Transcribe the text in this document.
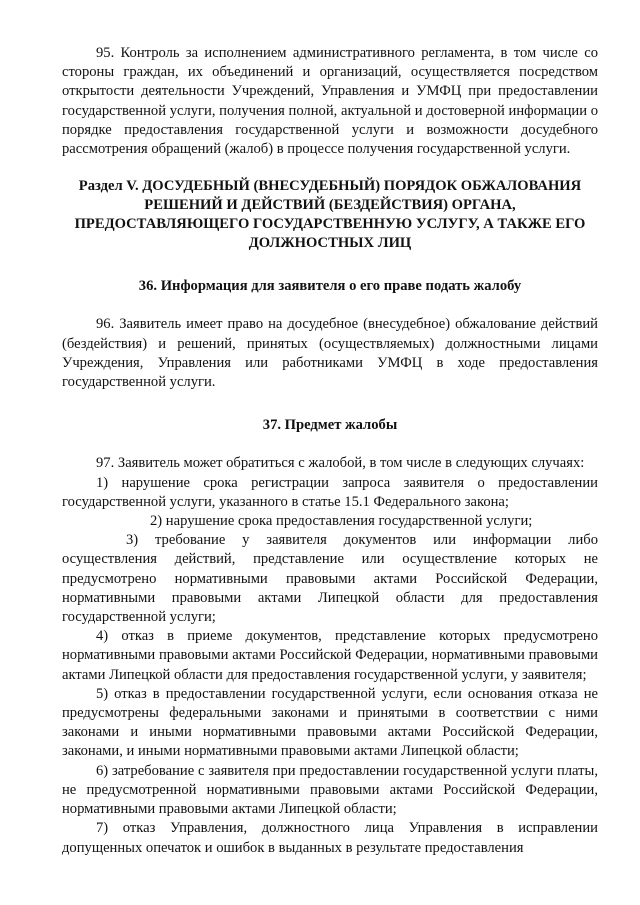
95. Контроль за исполнением административного регламента, в том числе со стороны граждан, их объединений и организаций, осуществляется посредством открытости деятельности Учреждений, Управления и УМФЦ при предоставлении государственной услуги, получения полной, актуальной и достоверной информации о порядке предоставления государственной услуги и возможности досудебного рассмотрения обращений (жалоб) в процессе получения государственной услуги.

Раздел V. ДОСУДЕБНЫЙ (ВНЕСУДЕБНЫЙ) ПОРЯДОК ОБЖАЛОВАНИЯ РЕШЕНИЙ И ДЕЙСТВИЙ (БЕЗДЕЙСТВИЯ) ОРГАНА, ПРЕДОСТАВЛЯЮЩЕГО ГОСУДАРСТВЕННУЮ УСЛУГУ, А ТАКЖЕ ЕГО ДОЛЖНОСТНЫХ ЛИЦ
36. Информация для заявителя о его праве подать жалобу

96. Заявитель имеет право на досудебное (внесудебное) обжалование действий (бездействия) и решений, принятых (осуществляемых) должностными лицами Учреждения, Управления или работниками УМФЦ в ходе предоставления государственной услуги.

37. Предмет жалобы

97. Заявитель может обратиться с жалобой, в том числе в следующих случаях:

1) нарушение срока регистрации запроса заявителя о предоставлении государственной услуги, указанного в статье 15.1 Федерального закона;

2) нарушение срока предоставления государственной услуги;

3) требование у заявителя документов или информации либо осуществления действий, представление или осуществление которых не предусмотрено нормативными правовыми актами Российской Федерации, нормативными правовыми актами Липецкой области для предоставления государственной услуги;

4) отказ в приеме документов, представление которых предусмотрено нормативными правовыми актами Российской Федерации, нормативными правовыми актами Липецкой области для предоставления государственной услуги, у заявителя;

5) отказ в предоставлении государственной услуги, если основания отказа не предусмотрены федеральными законами и принятыми в соответствии с ними законами и иными нормативными правовыми актами Российской Федерации, законами, и иными нормативными правовыми актами Липецкой области;

6) затребование с заявителя при предоставлении государственной услуги платы, не предусмотренной нормативными правовыми актами Российской Федерации, нормативными правовыми актами Липецкой области;

7) отказ Управления, должностного лица Управления в исправлении допущенных опечаток и ошибок в выданных в результате предоставления
